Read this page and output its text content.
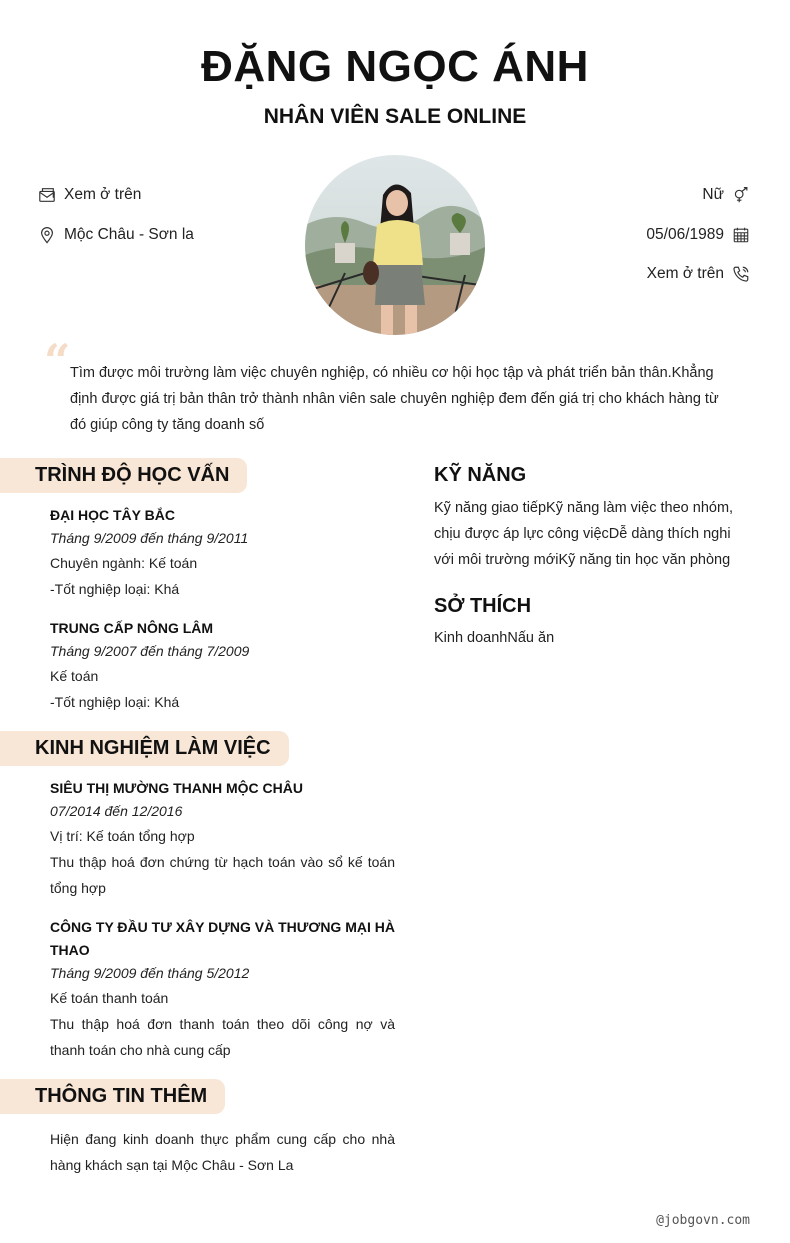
ĐẶNG NGỌC ÁNH
NHÂN VIÊN SALE ONLINE
Xem ở trên
Mộc Châu - Sơn la
Nữ
05/06/1989
Xem ở trên
“ Tìm được môi trường làm việc chuyên nghiệp, có nhiều cơ hội học tập và phát triển bản thân.Khẳng định được giá trị bản thân trở thành nhân viên sale chuyên nghiệp đem đến giá trị cho khách hàng từ đó giúp công ty tăng doanh số
TRÌNH ĐỘ HỌC VẤN
ĐẠI HỌC TÂY BẮC
Tháng 9/2009 đến tháng 9/2011
Chuyên ngành: Kế toán
-Tốt nghiệp loại: Khá
TRUNG CẤP NÔNG LÂM
Tháng 9/2007 đến tháng 7/2009
Kế toán
-Tốt nghiệp loại: Khá
KINH NGHIỆM LÀM VIỆC
SIÊU THỊ MƯỜNG THANH MỘC CHÂU
07/2014 đến 12/2016
Vị trí: Kế toán tổng hợp
Thu thập hoá đơn chứng từ hạch toán vào sổ kế toán tổng hợp
CÔNG TY ĐẦU TƯ XÂY DỰNG VÀ THƯƠNG MẠI HÀ THAO
Tháng 9/2009 đến tháng 5/2012
Kế toán thanh toán
Thu thập hoá đơn thanh toán theo dõi công nợ và thanh toán cho nhà cung cấp
THÔNG TIN THÊM
Hiện đang kinh doanh thực phẩm cung cấp cho nhà hàng khách sạn tại Mộc Châu - Sơn La
KỸ NĂNG
Kỹ năng giao tiếpKỹ năng làm việc theo nhóm, chịu được áp lực công việcDễ dàng thích nghi với môi trường mớiKỹ năng tin học văn phòng
SỞ THÍCH
Kinh doanhNấu ăn
@jobgovn.com
